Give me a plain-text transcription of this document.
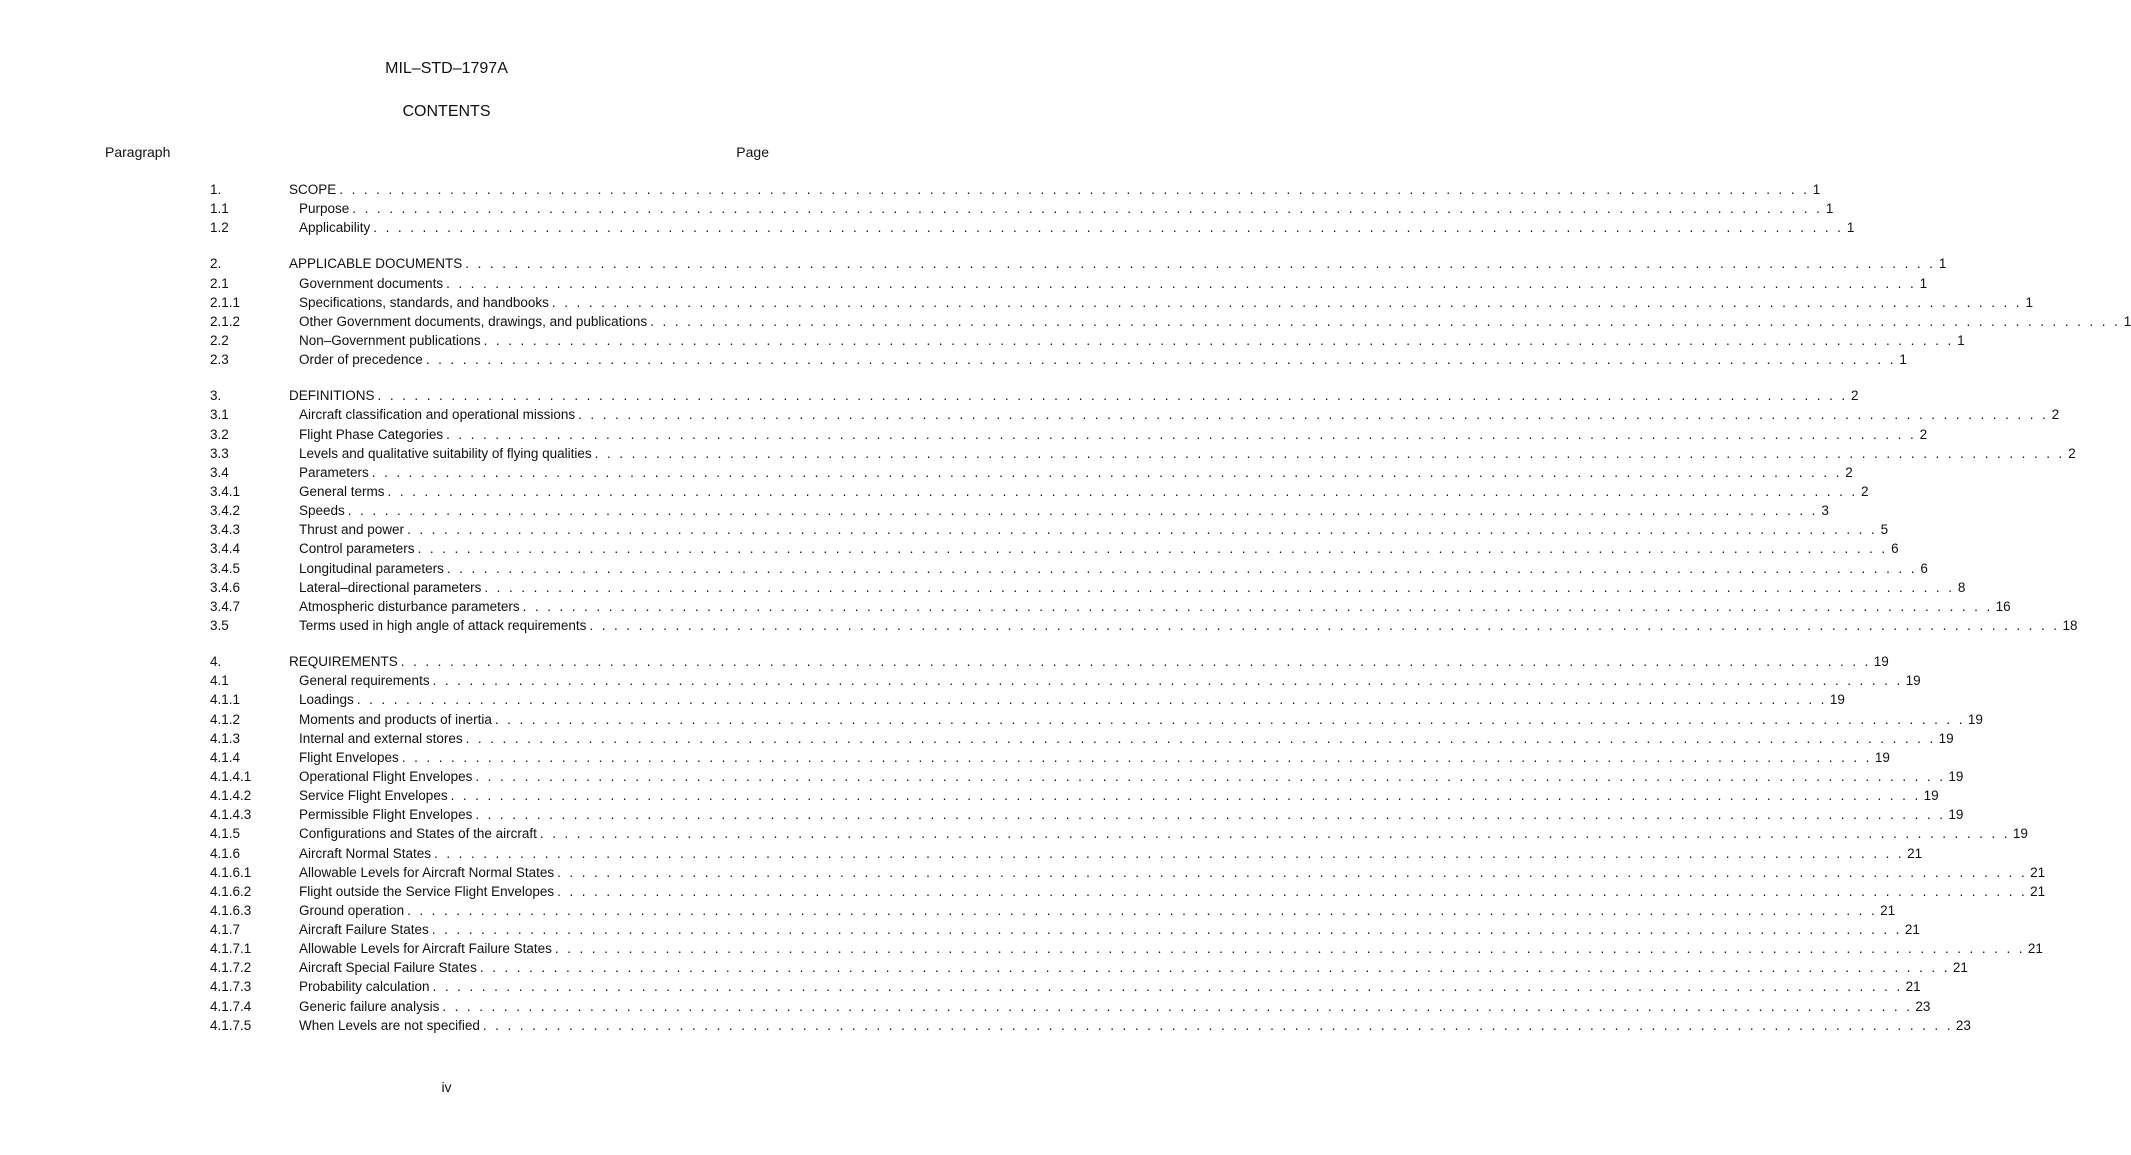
MIL–STD–1797A
CONTENTS
Paragraph	Page
1.	SCOPE . . . . . . . . . . . . . . . . . . . . . . . . . . . . . . . . . . . . . . . . . . . . . . . . . . . . . . . . . . . . . . . . . . . . . . . . . . . . . . . . . . . . . . . . . . . . . . . . . . . . . . . . . . . . . . . . . . . . . . . . 1
1.1	Purpose . . . . . . . . . . . . . . . . . . . . . . . . . . . . . . . . . . . . . . . . . . . . . . . . . . . . . . . . . . . . . . . . . . . . . . . . . . . . . . . . . . . . . . . . . . . . . . . . . . . . . . . . . . . . . . . . . . . . . . . . 1
1.2	Applicability . . . . . . . . . . . . . . . . . . . . . . . . . . . . . . . . . . . . . . . . . . . . . . . . . . . . . . . . . . . . . . . . . . . . . . . . . . . . . . . . . . . . . . . . . . . . . . . . . . . . . . . . . . . . . . . . . . . . . . . . 1
2.	APPLICABLE DOCUMENTS . . . . . . . . . . . . . . . . . . . . . . . . . . . . . . . . . . . . . . . . . . . . . . . . . . . . . . . . . . . . . . . . . . . . . . . . . . . . . . . . . . . . . . . . . . . . . . . . . . . . . . . . . . . . . . . . . . . . . . . . 1
2.1	Government documents . . . . . . . . . . . . . . . . . . . . . . . . . . . . . . . . . . . . . . . . . . . . . . . . . . . . . . . . . . . . . . . . . . . . . . . . . . . . . . . . . . . . . . . . . . . . . . . . . . . . . . . . . . . . . . . . . . . . . . . . 1
2.1.1	Specifications, standards, and handbooks . . . . . . . . . . . . . . . . . . . . . . . . . . . . . . . . . . . . . . . . . . . . . . . . . . . . . . . . . . . . . . . . . . . . . . . . . . . . . . . . . . . . . . . . . . . . . . . . . . . . . . . . . . . . . . . . . . . . . . . . 1
2.1.2	Other Government documents, drawings, and publications . . . . . . . . . . . . . . . . . . . . . . . . . . . . . . . . . . . . . . . . . . . . . . . . . . . . . . . . . . . . . . . . . . . . . . . . . . . . . . . . . . . . . . . . . . . . . . . . . . . . . . . . . . . . . . . . . . . . . . . . 1
2.2	Non–Government publications . . . . . . . . . . . . . . . . . . . . . . . . . . . . . . . . . . . . . . . . . . . . . . . . . . . . . . . . . . . . . . . . . . . . . . . . . . . . . . . . . . . . . . . . . . . . . . . . . . . . . . . . . . . . . . . . . . . . . . . . 1
2.3	Order of precedence . . . . . . . . . . . . . . . . . . . . . . . . . . . . . . . . . . . . . . . . . . . . . . . . . . . . . . . . . . . . . . . . . . . . . . . . . . . . . . . . . . . . . . . . . . . . . . . . . . . . . . . . . . . . . . . . . . . . . . . . 1
3.	DEFINITIONS . . . . . . . . . . . . . . . . . . . . . . . . . . . . . . . . . . . . . . . . . . . . . . . . . . . . . . . . . . . . . . . . . . . . . . . . . . . . . . . . . . . . . . . . . . . . . . . . . . . . . . . . . . . . . . . . . . . . . . . . 2
3.1	Aircraft classification and operational missions . . . . . . . . . . . . . . . . . . . . . . . . . . . . . . . . . . . . . . . . . . . . . . . . . . . . . . . . . . . . . . . . . . . . . . . . . . . . . . . . . . . . . . . . . . . . . . . . . . . . . . . . . . . . . . . . . . . . . . . . 2
3.2	Flight Phase Categories . . . . . . . . . . . . . . . . . . . . . . . . . . . . . . . . . . . . . . . . . . . . . . . . . . . . . . . . . . . . . . . . . . . . . . . . . . . . . . . . . . . . . . . . . . . . . . . . . . . . . . . . . . . . . . . . . . . . . . . . 2
3.3	Levels and qualitative suitability of flying qualities . . . . . . . . . . . . . . . . . . . . . . . . . . . . . . . . . . . . . . . . . . . . . . . . . . . . . . . . . . . . . . . . . . . . . . . . . . . . . . . . . . . . . . . . . . . . . . . . . . . . . . . . . . . . . . . . . . . . . . . . 2
3.4	Parameters . . . . . . . . . . . . . . . . . . . . . . . . . . . . . . . . . . . . . . . . . . . . . . . . . . . . . . . . . . . . . . . . . . . . . . . . . . . . . . . . . . . . . . . . . . . . . . . . . . . . . . . . . . . . . . . . . . . . . . . . 2
3.4.1	General terms . . . . . . . . . . . . . . . . . . . . . . . . . . . . . . . . . . . . . . . . . . . . . . . . . . . . . . . . . . . . . . . . . . . . . . . . . . . . . . . . . . . . . . . . . . . . . . . . . . . . . . . . . . . . . . . . . . . . . . . . 2
3.4.2	Speeds . . . . . . . . . . . . . . . . . . . . . . . . . . . . . . . . . . . . . . . . . . . . . . . . . . . . . . . . . . . . . . . . . . . . . . . . . . . . . . . . . . . . . . . . . . . . . . . . . . . . . . . . . . . . . . . . . . . . . . . . 3
3.4.3	Thrust and power . . . . . . . . . . . . . . . . . . . . . . . . . . . . . . . . . . . . . . . . . . . . . . . . . . . . . . . . . . . . . . . . . . . . . . . . . . . . . . . . . . . . . . . . . . . . . . . . . . . . . . . . . . . . . . . . . . . . . . . . 5
3.4.4	Control parameters . . . . . . . . . . . . . . . . . . . . . . . . . . . . . . . . . . . . . . . . . . . . . . . . . . . . . . . . . . . . . . . . . . . . . . . . . . . . . . . . . . . . . . . . . . . . . . . . . . . . . . . . . . . . . . . . . . . . . . . . 6
3.4.5	Longitudinal parameters . . . . . . . . . . . . . . . . . . . . . . . . . . . . . . . . . . . . . . . . . . . . . . . . . . . . . . . . . . . . . . . . . . . . . . . . . . . . . . . . . . . . . . . . . . . . . . . . . . . . . . . . . . . . . . . . . . . . . . . . 6
3.4.6	Lateral–directional parameters . . . . . . . . . . . . . . . . . . . . . . . . . . . . . . . . . . . . . . . . . . . . . . . . . . . . . . . . . . . . . . . . . . . . . . . . . . . . . . . . . . . . . . . . . . . . . . . . . . . . . . . . . . . . . . . . . . . . . . . . 8
3.4.7	Atmospheric disturbance parameters . . . . . . . . . . . . . . . . . . . . . . . . . . . . . . . . . . . . . . . . . . . . . . . . . . . . . . . . . . . . . . . . . . . . . . . . . . . . . . . . . . . . . . . . . . . . . . . . . . . . . . . . . . . . . . . . . . . . . . . . 16
3.5	Terms used in high angle of attack requirements . . . . . . . . . . . . . . . . . . . . . . . . . . . . . . . . . . . . . . . . . . . . . . . . . . . . . . . . . . . . . . . . . . . . . . . . . . . . . . . . . . . . . . . . . . . . . . . . . . . . . . . . . . . . . . . . . . . . . . . . 18
4.	REQUIREMENTS . . . . . . . . . . . . . . . . . . . . . . . . . . . . . . . . . . . . . . . . . . . . . . . . . . . . . . . . . . . . . . . . . . . . . . . . . . . . . . . . . . . . . . . . . . . . . . . . . . . . . . . . . . . . . . . . . . . . . . . . 19
4.1	General requirements . . . . . . . . . . . . . . . . . . . . . . . . . . . . . . . . . . . . . . . . . . . . . . . . . . . . . . . . . . . . . . . . . . . . . . . . . . . . . . . . . . . . . . . . . . . . . . . . . . . . . . . . . . . . . . . . . . . . . . . . 19
4.1.1	Loadings . . . . . . . . . . . . . . . . . . . . . . . . . . . . . . . . . . . . . . . . . . . . . . . . . . . . . . . . . . . . . . . . . . . . . . . . . . . . . . . . . . . . . . . . . . . . . . . . . . . . . . . . . . . . . . . . . . . . . . . . 19
4.1.2	Moments and products of inertia . . . . . . . . . . . . . . . . . . . . . . . . . . . . . . . . . . . . . . . . . . . . . . . . . . . . . . . . . . . . . . . . . . . . . . . . . . . . . . . . . . . . . . . . . . . . . . . . . . . . . . . . . . . . . . . . . . . . . . . . 19
4.1.3	Internal and external stores . . . . . . . . . . . . . . . . . . . . . . . . . . . . . . . . . . . . . . . . . . . . . . . . . . . . . . . . . . . . . . . . . . . . . . . . . . . . . . . . . . . . . . . . . . . . . . . . . . . . . . . . . . . . . . . . . . . . . . . . 19
4.1.4	Flight Envelopes . . . . . . . . . . . . . . . . . . . . . . . . . . . . . . . . . . . . . . . . . . . . . . . . . . . . . . . . . . . . . . . . . . . . . . . . . . . . . . . . . . . . . . . . . . . . . . . . . . . . . . . . . . . . . . . . . . . . . . . . 19
4.1.4.1	Operational Flight Envelopes . . . . . . . . . . . . . . . . . . . . . . . . . . . . . . . . . . . . . . . . . . . . . . . . . . . . . . . . . . . . . . . . . . . . . . . . . . . . . . . . . . . . . . . . . . . . . . . . . . . . . . . . . . . . . . . . . . . . . . . . 19
4.1.4.2	Service Flight Envelopes . . . . . . . . . . . . . . . . . . . . . . . . . . . . . . . . . . . . . . . . . . . . . . . . . . . . . . . . . . . . . . . . . . . . . . . . . . . . . . . . . . . . . . . . . . . . . . . . . . . . . . . . . . . . . . . . . . . . . . . . 19
4.1.4.3	Permissible Flight Envelopes . . . . . . . . . . . . . . . . . . . . . . . . . . . . . . . . . . . . . . . . . . . . . . . . . . . . . . . . . . . . . . . . . . . . . . . . . . . . . . . . . . . . . . . . . . . . . . . . . . . . . . . . . . . . . . . . . . . . . . . . 19
4.1.5	Configurations and States of the aircraft . . . . . . . . . . . . . . . . . . . . . . . . . . . . . . . . . . . . . . . . . . . . . . . . . . . . . . . . . . . . . . . . . . . . . . . . . . . . . . . . . . . . . . . . . . . . . . . . . . . . . . . . . . . . . . . . . . . . . . . . 19
4.1.6	Aircraft Normal States . . . . . . . . . . . . . . . . . . . . . . . . . . . . . . . . . . . . . . . . . . . . . . . . . . . . . . . . . . . . . . . . . . . . . . . . . . . . . . . . . . . . . . . . . . . . . . . . . . . . . . . . . . . . . . . . . . . . . . . . 21
4.1.6.1	Allowable Levels for Aircraft Normal States . . . . . . . . . . . . . . . . . . . . . . . . . . . . . . . . . . . . . . . . . . . . . . . . . . . . . . . . . . . . . . . . . . . . . . . . . . . . . . . . . . . . . . . . . . . . . . . . . . . . . . . . . . . . . . . . . . . . . . . . 21
4.1.6.2	Flight outside the Service Flight Envelopes . . . . . . . . . . . . . . . . . . . . . . . . . . . . . . . . . . . . . . . . . . . . . . . . . . . . . . . . . . . . . . . . . . . . . . . . . . . . . . . . . . . . . . . . . . . . . . . . . . . . . . . . . . . . . . . . . . . . . . . . 21
4.1.6.3	Ground operation . . . . . . . . . . . . . . . . . . . . . . . . . . . . . . . . . . . . . . . . . . . . . . . . . . . . . . . . . . . . . . . . . . . . . . . . . . . . . . . . . . . . . . . . . . . . . . . . . . . . . . . . . . . . . . . . . . . . . . . . 21
4.1.7	Aircraft Failure States . . . . . . . . . . . . . . . . . . . . . . . . . . . . . . . . . . . . . . . . . . . . . . . . . . . . . . . . . . . . . . . . . . . . . . . . . . . . . . . . . . . . . . . . . . . . . . . . . . . . . . . . . . . . . . . . . . . . . . . . 21
4.1.7.1	Allowable Levels for Aircraft Failure States . . . . . . . . . . . . . . . . . . . . . . . . . . . . . . . . . . . . . . . . . . . . . . . . . . . . . . . . . . . . . . . . . . . . . . . . . . . . . . . . . . . . . . . . . . . . . . . . . . . . . . . . . . . . . . . . . . . . . . . . 21
4.1.7.2	Aircraft Special Failure States . . . . . . . . . . . . . . . . . . . . . . . . . . . . . . . . . . . . . . . . . . . . . . . . . . . . . . . . . . . . . . . . . . . . . . . . . . . . . . . . . . . . . . . . . . . . . . . . . . . . . . . . . . . . . . . . . . . . . . . . 21
4.1.7.3	Probability calculation . . . . . . . . . . . . . . . . . . . . . . . . . . . . . . . . . . . . . . . . . . . . . . . . . . . . . . . . . . . . . . . . . . . . . . . . . . . . . . . . . . . . . . . . . . . . . . . . . . . . . . . . . . . . . . . . . . . . . . . . 21
4.1.7.4	Generic failure analysis . . . . . . . . . . . . . . . . . . . . . . . . . . . . . . . . . . . . . . . . . . . . . . . . . . . . . . . . . . . . . . . . . . . . . . . . . . . . . . . . . . . . . . . . . . . . . . . . . . . . . . . . . . . . . . . . . . . . . . . . 23
4.1.7.5	When Levels are not specified . . . . . . . . . . . . . . . . . . . . . . . . . . . . . . . . . . . . . . . . . . . . . . . . . . . . . . . . . . . . . . . . . . . . . . . . . . . . . . . . . . . . . . . . . . . . . . . . . . . . . . . . . . . . . . . . . . . . . . . . 23
iv
